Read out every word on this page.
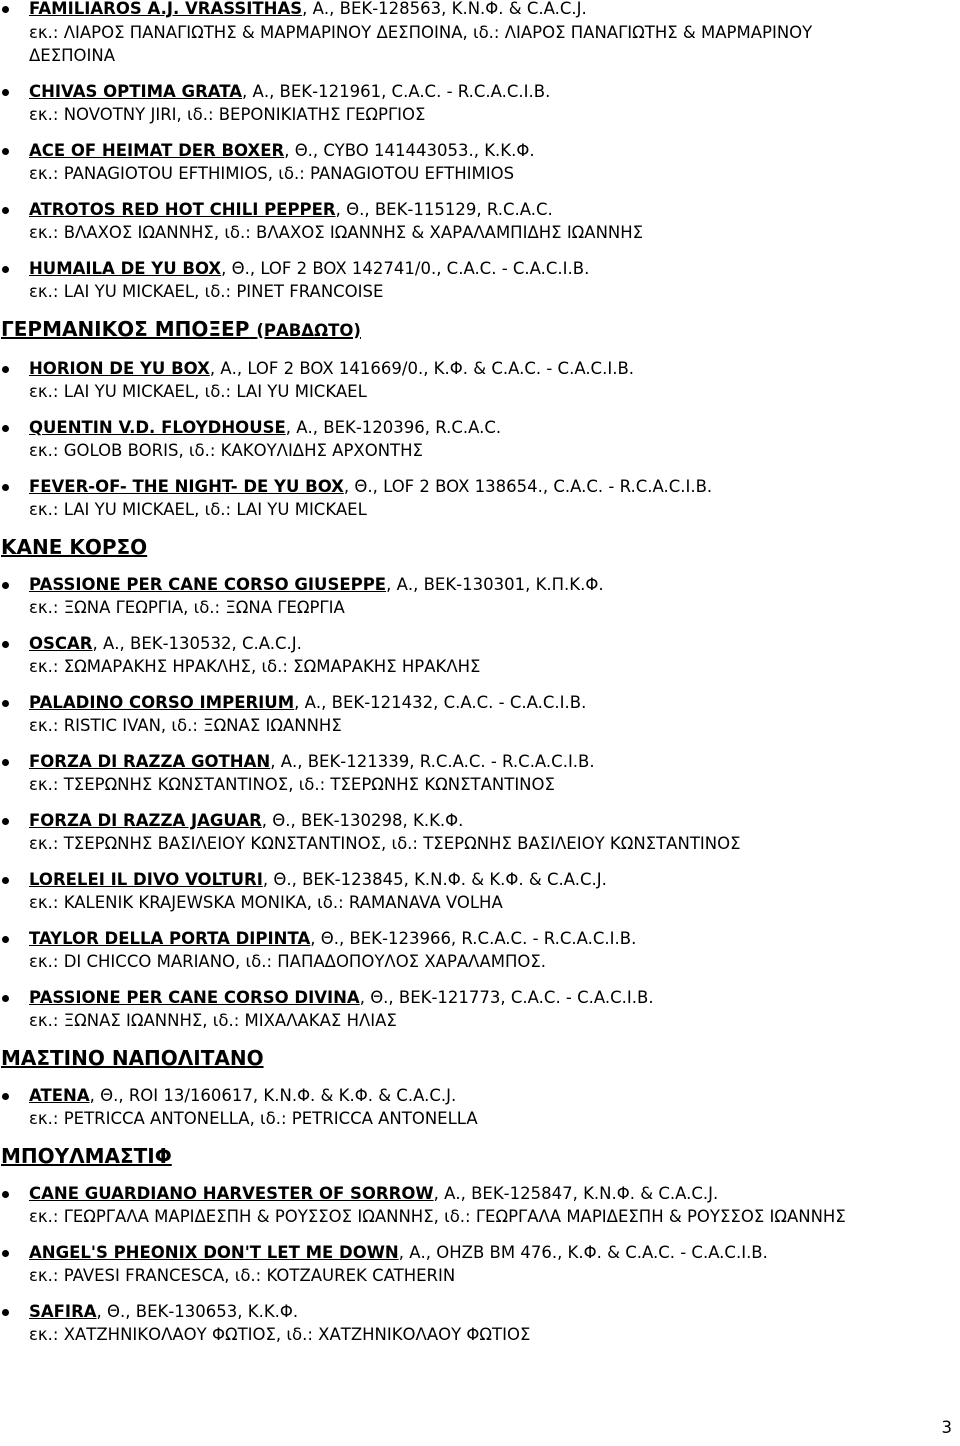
FAMILIAROS A.J. VRASSITHAS, Α., ΒΕΚ-128563, Κ.Ν.Φ. & C.A.C.J.
εκ.: ΛΙΑΡΟΣ ΠΑΝΑΓΙΩΤΗΣ & ΜΑΡΜΑΡΙΝΟΥ ΔΕΣΠΟΙΝΑ, ιδ.: ΛΙΑΡΟΣ ΠΑΝΑΓΙΩΤΗΣ & ΜΑΡΜΑΡΙΝΟΥ
ΔΕΣΠΟΙΝΑ
CHIVAS OPTIMA GRATA, Α., ΒΕΚ-121961, C.A.C. - R.C.A.C.I.B.
εκ.: NOVOTNY JIRI, ιδ.: ΒΕΡΟΝΙΚΙΑΤΗΣ ΓΕΩΡΓΙΟΣ
ACE OF HEIMAT DER BOXER, Θ., CYBO 141443053., Κ.Κ.Φ.
εκ.: PANAGIOTOU EFTHIMIOS, ιδ.: PANAGIOTOU EFTHIMIOS
ATROTOS RED HOT CHILI PEPPER, Θ., ΒΕΚ-115129, R.C.A.C.
εκ.: ΒΛΑΧΟΣ ΙΩΑΝΝΗΣ, ιδ.: ΒΛΑΧΟΣ ΙΩΑΝΝΗΣ & ΧΑΡΑΛΑΜΠΙΔΗΣ ΙΩΑΝΝΗΣ
HUMAILA DE YU BOX, Θ., LOF 2 BOX 142741/0., C.A.C. - C.A.C.I.B.
εκ.: LAI YU MICKAEL, ιδ.: PINET FRANCOISE
ΓΕΡΜΑΝΙΚΟΣ ΜΠΟΞΕΡ (ΡΑΒΔΩΤΟ)
HORION DE YU BOX, Α., LOF 2 BOX 141669/0., Κ.Φ. & C.A.C. - C.A.C.I.B.
εκ.: LAI YU MICKAEL, ιδ.: LAI YU MICKAEL
QUENTIN V.D. FLOYDHOUSE, Α., ΒΕΚ-120396, R.C.A.C.
εκ.: GOLOB BORIS, ιδ.: ΚΑΚΟΥΛΙΔΗΣ ΑΡΧΟΝΤΗΣ
FEVER-OF- THE NIGHT- DE YU BOX, Θ., LOF 2 BOX 138654., C.A.C. - R.C.A.C.I.B.
εκ.: LAI YU MICKAEL, ιδ.: LAI YU MICKAEL
ΚΑΝΕ ΚΟΡΣΟ
PASSIONE PER CANE CORSO GIUSEPPE, Α., ΒΕΚ-130301, Κ.Π.Κ.Φ.
εκ.: ΞΩΝΑ ΓΕΩΡΓΙΑ, ιδ.: ΞΩΝΑ ΓΕΩΡΓΙΑ
OSCAR, Α., ΒΕΚ-130532, C.A.C.J.
εκ.: ΣΩΜΑΡΑΚΗΣ ΗΡΑΚΛΗΣ, ιδ.: ΣΩΜΑΡΑΚΗΣ ΗΡΑΚΛΗΣ
PALADINO CORSO IMPERIUM, Α., ΒΕΚ-121432, C.A.C. - C.A.C.I.B.
εκ.: RISTIC IVAN, ιδ.: ΞΩΝΑΣ ΙΩΑΝΝΗΣ
FORZA DI RAZZA GOTHAN, Α., ΒΕΚ-121339, R.C.A.C. - R.C.A.C.I.B.
εκ.: ΤΣΕΡΩΝΗΣ ΚΩΝΣΤΑΝΤΙΝΟΣ, ιδ.: ΤΣΕΡΩΝΗΣ ΚΩΝΣΤΑΝΤΙΝΟΣ
FORZA DI RAZZA JAGUAR, Θ., ΒΕΚ-130298, Κ.Κ.Φ.
εκ.: ΤΣΕΡΩΝΗΣ ΒΑΣΙΛΕΙΟΥ ΚΩΝΣΤΑΝΤΙΝΟΣ, ιδ.: ΤΣΕΡΩΝΗΣ ΒΑΣΙΛΕΙΟΥ ΚΩΝΣΤΑΝΤΙΝΟΣ
LORELEI IL DIVO VOLTURI, Θ., ΒΕΚ-123845, Κ.Ν.Φ. & Κ.Φ. & C.A.C.J.
εκ.: KALENIK KRAJEWSKA MONIKA, ιδ.: RAMANAVA VOLHA
TAYLOR DELLA PORTA DIPINTA, Θ., ΒΕΚ-123966, R.C.A.C. - R.C.A.C.I.B.
εκ.: DI CHICCO MARIANO, ιδ.: ΠΑΠΑΔΟΠΟΥΛΟΣ ΧΑΡΑΛΑΜΠΟΣ.
PASSIONE PER CANE CORSO DIVINA, Θ., ΒΕΚ-121773, C.A.C. - C.A.C.I.B.
εκ.: ΞΩΝΑΣ ΙΩΑΝΝΗΣ, ιδ.: ΜΙΧΑΛΑΚΑΣ ΗΛΙΑΣ
ΜΑΣΤΙΝΟ ΝΑΠΟΛΙΤΑΝΟ
ATENA, Θ., ROI 13/160617, Κ.Ν.Φ. & Κ.Φ. & C.A.C.J.
εκ.: PETRICCA ANTONELLA, ιδ.: PETRICCA ANTONELLA
ΜΠΟΥΛΜΑΣΤΙΦ
CANE GUARDIANO HARVESTER OF SORROW, Α., ΒΕΚ-125847, Κ.Ν.Φ. & C.A.C.J.
εκ.: ΓΕΩΡΓΑΛΑ ΜΑΡΙΔΕΣΠΗ & ΡΟΥΣΣΟΣ ΙΩΑΝΝΗΣ, ιδ.: ΓΕΩΡΓΑΛΑ ΜΑΡΙΔΕΣΠΗ & ΡΟΥΣΣΟΣ ΙΩΑΝΝΗΣ
ANGEL'S PHEONIX DON'T LET ME DOWN, Α., OHZB BM 476., Κ.Φ. & C.A.C. - C.A.C.I.B.
εκ.: PAVESI FRANCESCA, ιδ.: KOTZAUREK CATHERIN
SAFIRA, Θ., ΒΕΚ-130653, Κ.Κ.Φ.
εκ.: ΧΑΤΖΗΝΙΚΟΛΑΟΥ ΦΩΤΙΟΣ, ιδ.: ΧΑΤΖΗΝΙΚΟΛΑΟΥ ΦΩΤΙΟΣ
3
